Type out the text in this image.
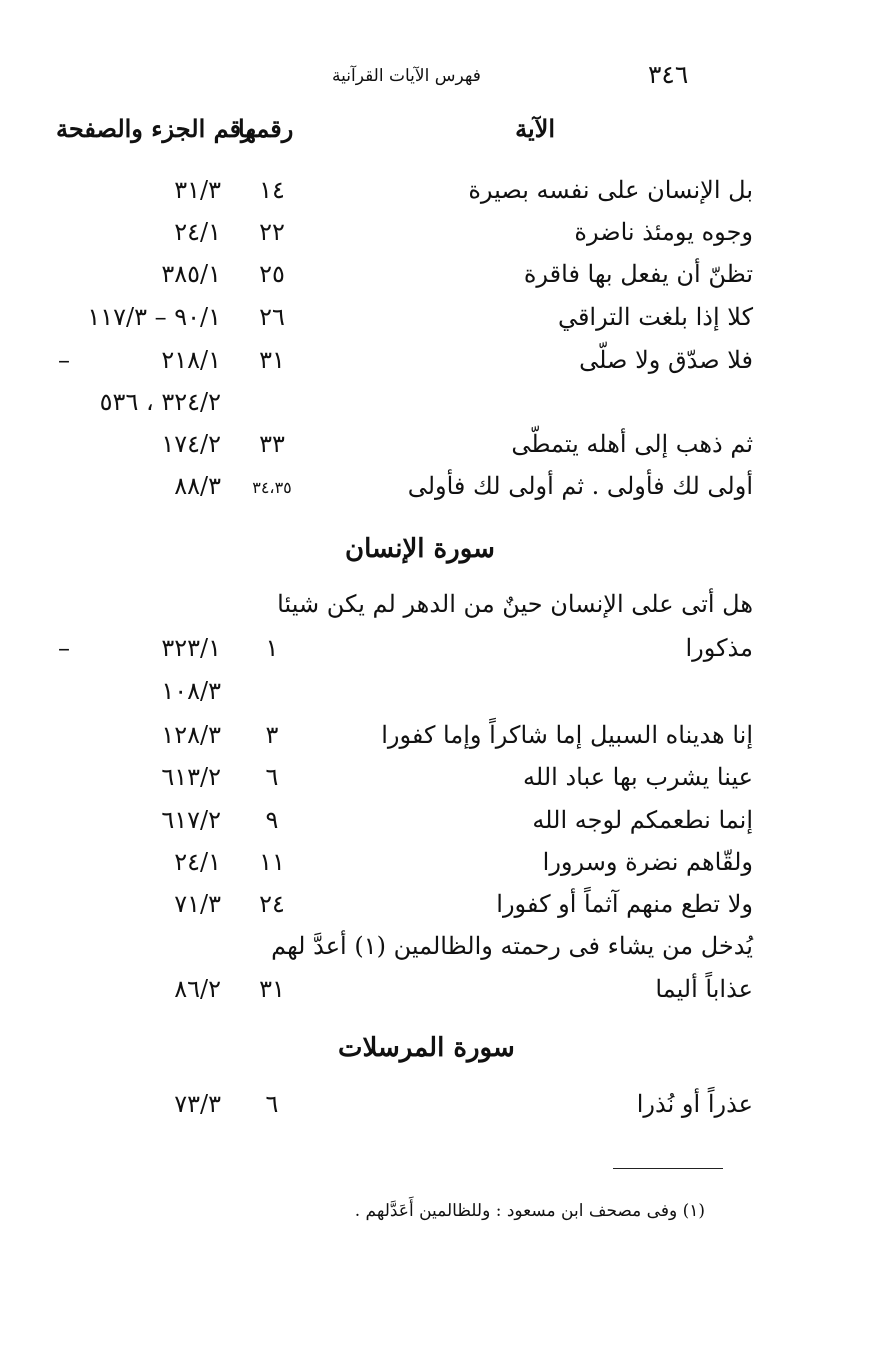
فهرس الآيات القرآنية	٣٤٦
الآية
رقمها
رقم الجزء والصفحة
بل الإنسان على نفسه بصيرة
١٤
٣١/٣
وجوه يومئذ ناضرة
٢٢
٢٤/١
تظنّ أن يفعل بها فاقرة
٢٥
٣٨٥/١
كلا إذا بلغت التراقي
٢٦
٩٠/١ – ١١٧/٣
فلا صدّق ولا صلّى
٣١
٢١٨/١
–
٣٢٤/٢ ، ٥٣٦
ثم ذهب إلى أهله يتمطّى
٣٣
١٧٤/٢
أولى لك فأولى . ثم أولى لك فأولى
٣٤،٣٥
٨٨/٣
سورة الإنسان
هل أتى على الإنسان حينٌ من الدهر لم يكن شيئا
مذكورا
١
٣٢٣/١
–
١٠٨/٣
إنا هديناه السبيل إما شاكراً وإما كفورا
٣
١٢٨/٣
عينا يشرب بها عباد الله
٦
٦١٣/٢
إنما نطعمكم لوجه الله
٩
٦١٧/٢
ولقّاهم نضرة وسرورا
١١
٢٤/١
ولا تطع منهم آثماً أو كفورا
٢٤
٧١/٣
يُدخل من يشاء فى رحمته والظالمين (١) أعدَّ لهم
عذاباً أليما
٣١
٨٦/٢
سورة المرسلات
عذراً أو نُذرا
٦
٧٣/٣
(١) وفى مصحف ابن مسعود : وللظالمين أَعَدَّلهم .
